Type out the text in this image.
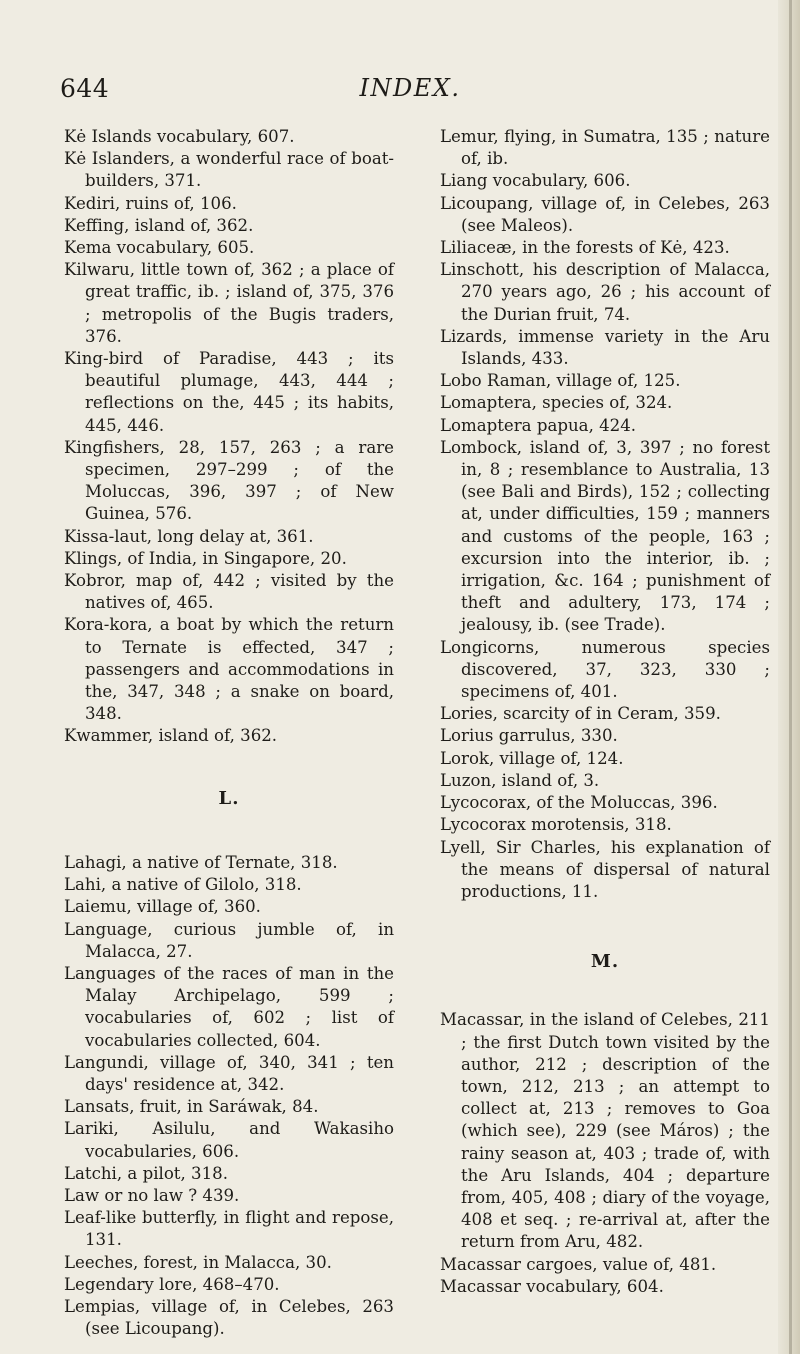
644	INDEX.
Kė Islands vocabulary, 607.
Kė Islanders, a wonderful race of boat-builders, 371.
Kediri, ruins of, 106.
Keffing, island of, 362.
Kema vocabulary, 605.
Kilwaru, little town of, 362 ; a place of great traffic, ib. ; island of, 375, 376 ; metropolis of the Bugis traders, 376.
King-bird of Paradise, 443 ; its beautiful plumage, 443, 444 ; reflections on the, 445 ; its habits, 445, 446.
Kingfishers, 28, 157, 263 ; a rare specimen, 297–299 ; of the Moluccas, 396, 397 ; of New Guinea, 576.
Kissa-laut, long delay at, 361.
Klings, of India, in Singapore, 20.
Kobror, map of, 442 ; visited by the natives of, 465.
Kora-kora, a boat by which the return to Ternate is effected, 347 ; passengers and accommodations in the, 347, 348 ; a snake on board, 348.
Kwammer, island of, 362.
L.
Lahagi, a native of Ternate, 318.
Lahi, a native of Gilolo, 318.
Laiemu, village of, 360.
Language, curious jumble of, in Malacca, 27.
Languages of the races of man in the Malay Archipelago, 599 ; vocabularies of, 602 ; list of vocabularies collected, 604.
Langundi, village of, 340, 341 ; ten days' residence at, 342.
Lansats, fruit, in Saráwak, 84.
Lariki, Asilulu, and Wakasiho vocabularies, 606.
Latchi, a pilot, 318.
Law or no law ? 439.
Leaf-like butterfly, in flight and repose, 131.
Leeches, forest, in Malacca, 30.
Legendary lore, 468–470.
Lempias, village of, in Celebes, 263 (see Licoupang).
Lemur, flying, in Sumatra, 135 ; nature of, ib.
Liang vocabulary, 606.
Licoupang, village of, in Celebes, 263 (see Maleos).
Liliaceæ, in the forests of Kė, 423.
Linschott, his description of Malacca, 270 years ago, 26 ; his account of the Durian fruit, 74.
Lizards, immense variety in the Aru Islands, 433.
Lobo Raman, village of, 125.
Lomaptera, species of, 324.
Lomaptera papua, 424.
Lombock, island of, 3, 397 ; no forest in, 8 ; resemblance to Australia, 13 (see Bali and Birds), 152 ; collecting at, under difficulties, 159 ; manners and customs of the people, 163 ; excursion into the interior, ib. ; irrigation, &c. 164 ; punishment of theft and adultery, 173, 174 ; jealousy, ib. (see Trade).
Longicorns, numerous species discovered, 37, 323, 330 ; specimens of, 401.
Lories, scarcity of in Ceram, 359.
Lorius garrulus, 330.
Lorok, village of, 124.
Luzon, island of, 3.
Lycocorax, of the Moluccas, 396.
Lycocorax morotensis, 318.
Lyell, Sir Charles, his explanation of the means of dispersal of natural productions, 11.
M.
Macassar, in the island of Celebes, 211 ; the first Dutch town visited by the author, 212 ; description of the town, 212, 213 ; an attempt to collect at, 213 ; removes to Goa (which see), 229 (see Máros) ; the rainy season at, 403 ; trade of, with the Aru Islands, 404 ; departure from, 405, 408 ; diary of the voyage, 408 et seq. ; re-arrival at, after the return from Aru, 482.
Macassar cargoes, value of, 481.
Macassar vocabulary, 604.
